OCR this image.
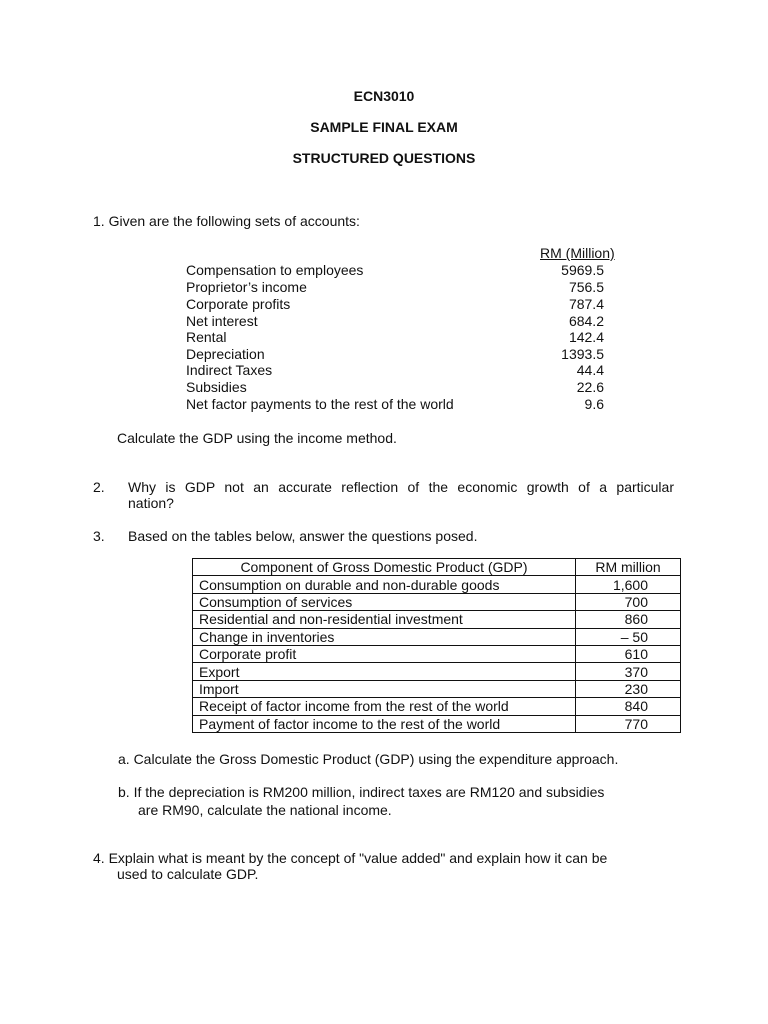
ECN3010
SAMPLE FINAL EXAM
STRUCTURED QUESTIONS
1. Given are the following sets of accounts:
RM (Million)
Compensation to employees	5969.5
Proprietor’s income	756.5
Corporate profits	787.4
Net interest	684.2
Rental	142.4
Depreciation	1393.5
Indirect Taxes	44.4
Subsidies	22.6
Net factor payments to the rest of the world	9.6
Calculate the GDP using the income method.
2. Why is GDP not an accurate reflection of the economic growth of a particular
nation?
3. Based on the tables below, answer the questions posed.
Component of Gross Domestic Product (GDP)	RM million
Consumption on durable and non-durable goods	1,600
Consumption of services	700
Residential and non-residential investment	860
Change in inventories	– 50
Corporate profit	610
Export	370
Import	230
Receipt of factor income from the rest of the world	840
Payment of factor income to the rest of the world	770
a. Calculate the Gross Domestic Product (GDP) using the expenditure approach.
b. If the depreciation is RM200 million, indirect taxes are RM120 and subsidies
are RM90, calculate the national income.
4. Explain what is meant by the concept of "value added" and explain how it can be
used to calculate GDP.
